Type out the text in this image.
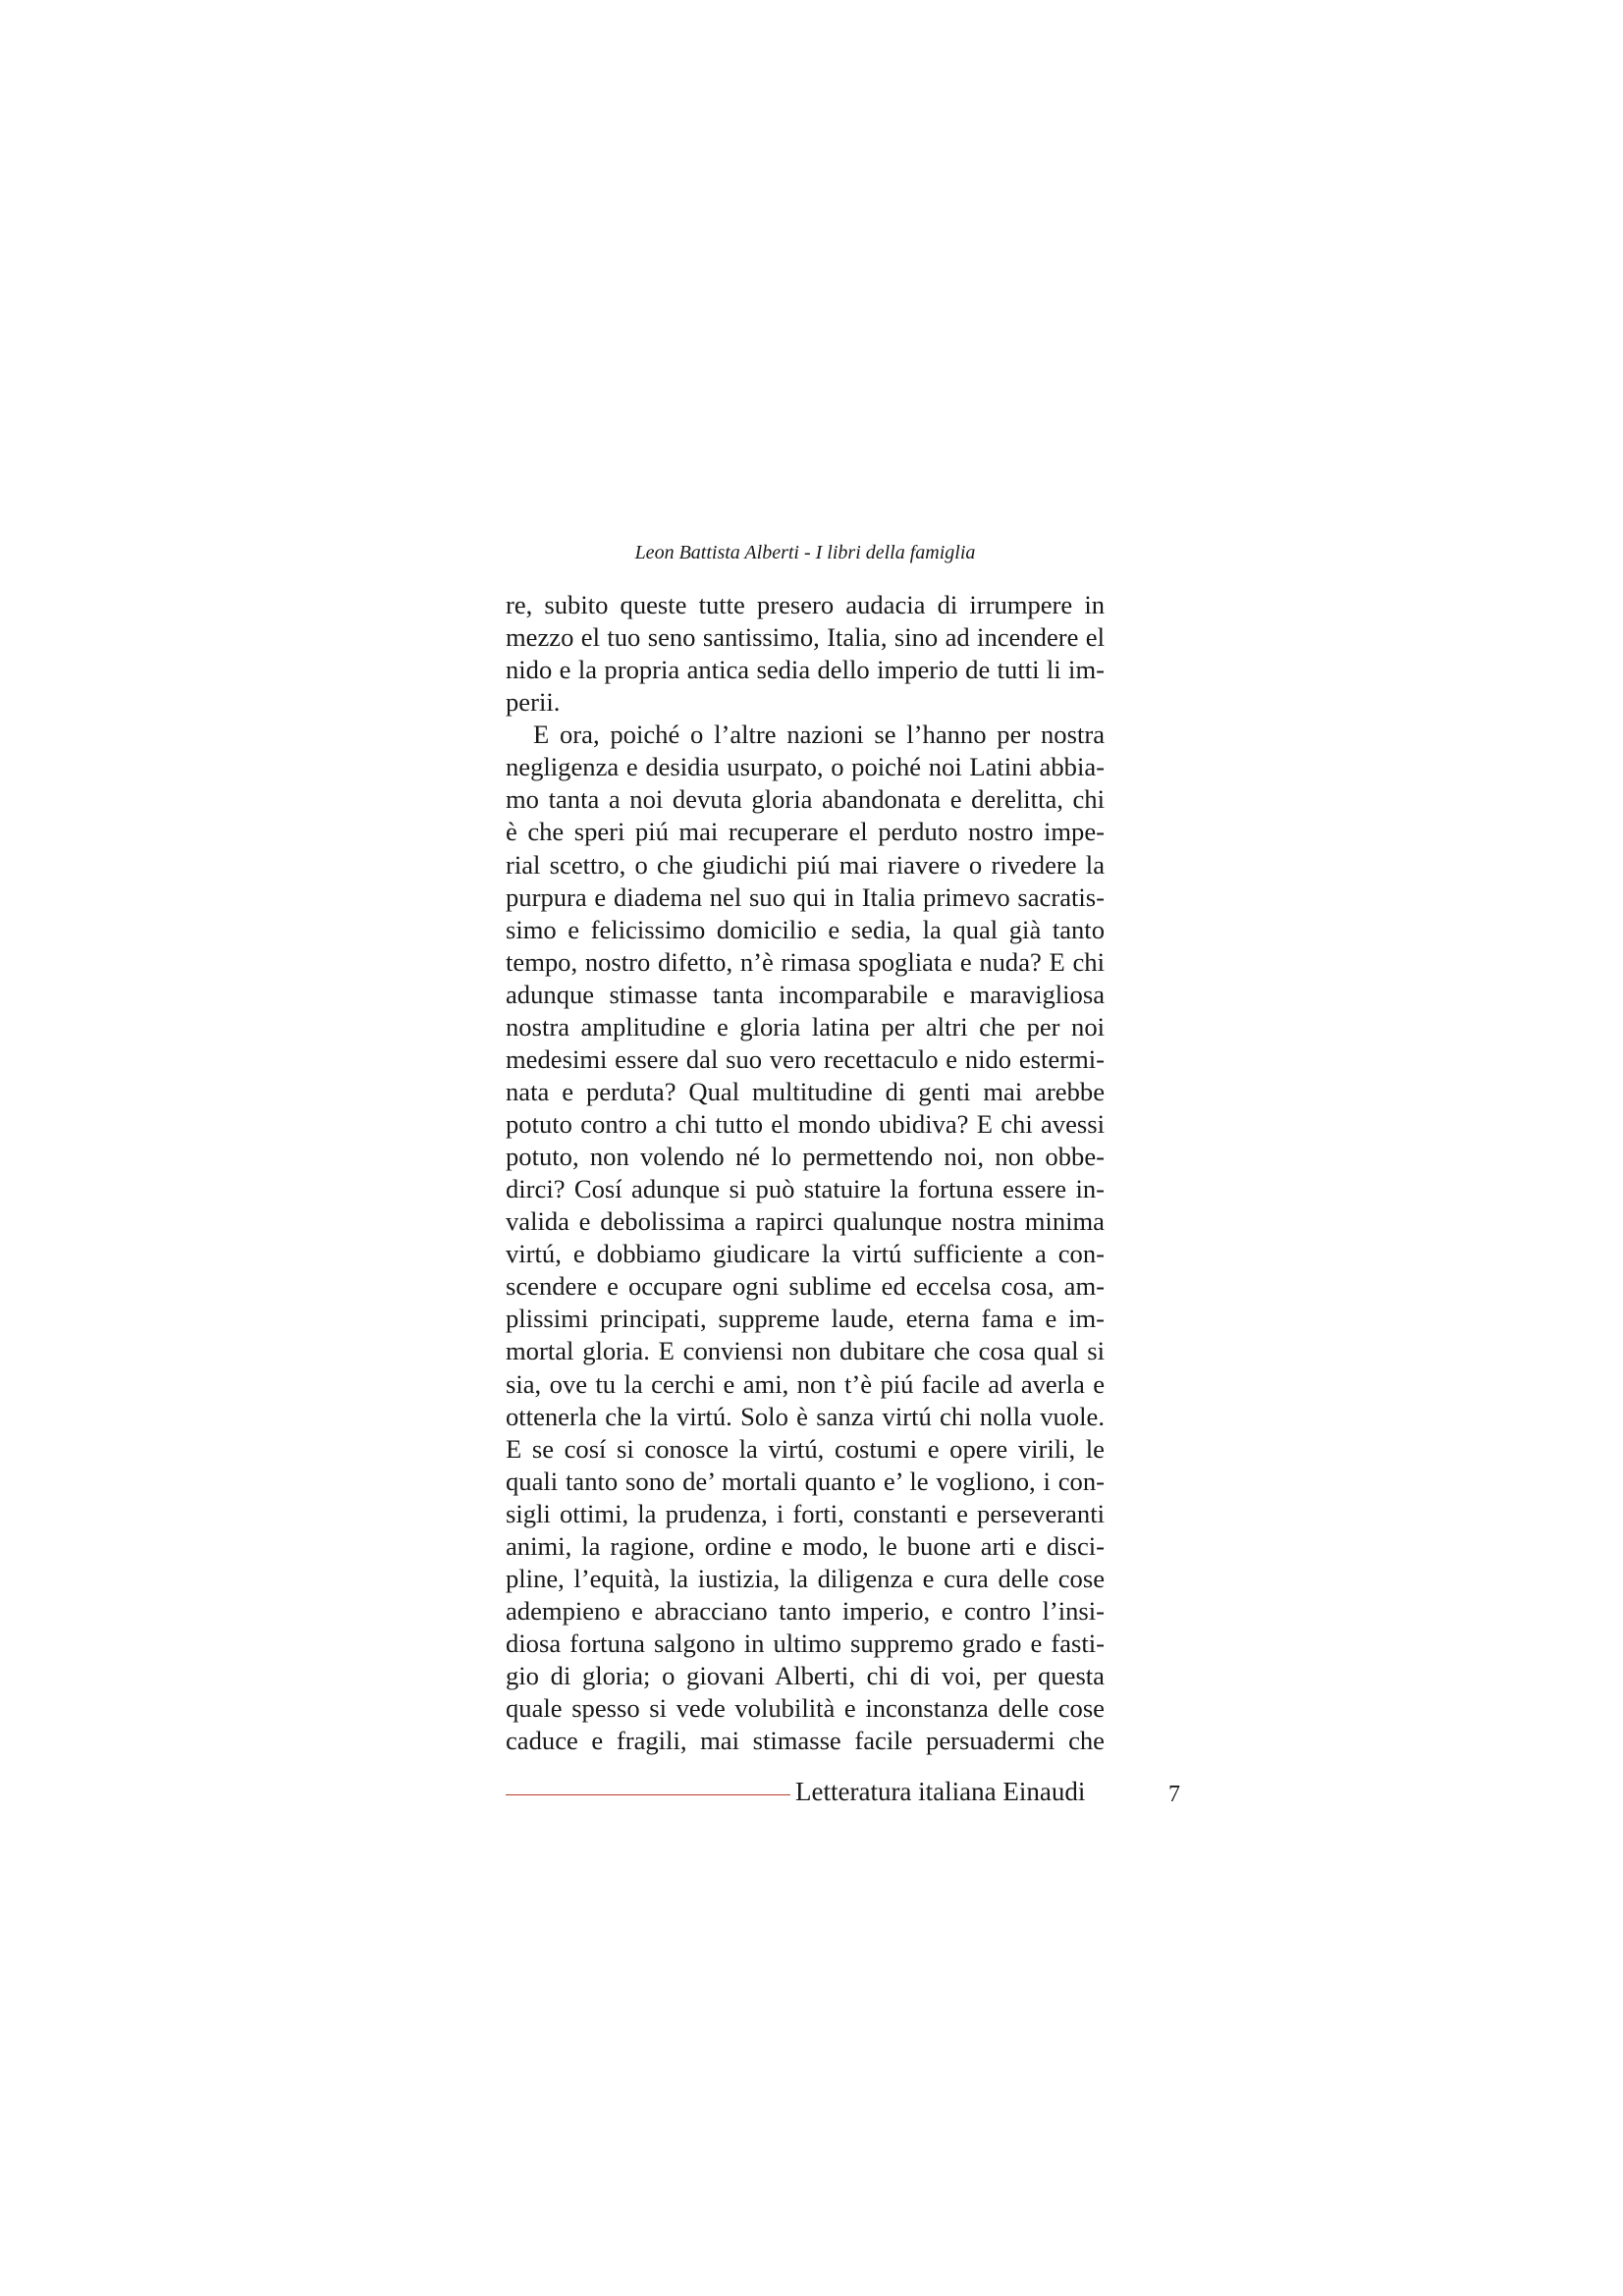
Leon Battista Alberti - I libri della famiglia
re, subito queste tutte presero audacia di irrumpere in
mezzo el tuo seno santissimo, Italia, sino ad incendere el
nido e la propria antica sedia dello imperio de tutti li im-
perii.
E ora, poiché o l’altre nazioni se l’hanno per nostra
negligenza e desidia usurpato, o poiché noi Latini abbia-
mo tanta a noi devuta gloria abandonata e derelitta, chi
è che speri piú mai recuperare el perduto nostro impe-
rial scettro, o che giudichi piú mai riavere o rivedere la
purpura e diadema nel suo qui in Italia primevo sacratis-
simo e felicissimo domicilio e sedia, la qual già tanto
tempo, nostro difetto, n’è rimasa spogliata e nuda? E chi
adunque stimasse tanta incomparabile e maravigliosa
nostra amplitudine e gloria latina per altri che per noi
medesimi essere dal suo vero recettaculo e nido estermi-
nata e perduta? Qual multitudine di genti mai arebbe
potuto contro a chi tutto el mondo ubidiva? E chi avessi
potuto, non volendo né lo permettendo noi, non obbe-
dirci? Cosí adunque si può statuire la fortuna essere in-
valida e debolissima a rapirci qualunque nostra minima
virtú, e dobbiamo giudicare la virtú sufficiente a con-
scendere e occupare ogni sublime ed eccelsa cosa, am-
plissimi principati, suppreme laude, eterna fama e im-
mortal gloria. E conviensi non dubitare che cosa qual si
sia, ove tu la cerchi e ami, non t’è piú facile ad averla e
ottenerla che la virtú. Solo è sanza virtú chi nolla vuole.
E se cosí si conosce la virtú, costumi e opere virili, le
quali tanto sono de’ mortali quanto e’ le vogliono, i con-
sigli ottimi, la prudenza, i forti, constanti e perseveranti
animi, la ragione, ordine e modo, le buone arti e disci-
pline, l’equità, la iustizia, la diligenza e cura delle cose
adempieno e abracciano tanto imperio, e contro l’insi-
diosa fortuna salgono in ultimo suppremo grado e fasti-
gio di gloria; o giovani Alberti, chi di voi, per questa
quale spesso si vede volubilità e inconstanza delle cose
caduce e fragili, mai stimasse facile persuadermi che
Letteratura italiana Einaudi	7
